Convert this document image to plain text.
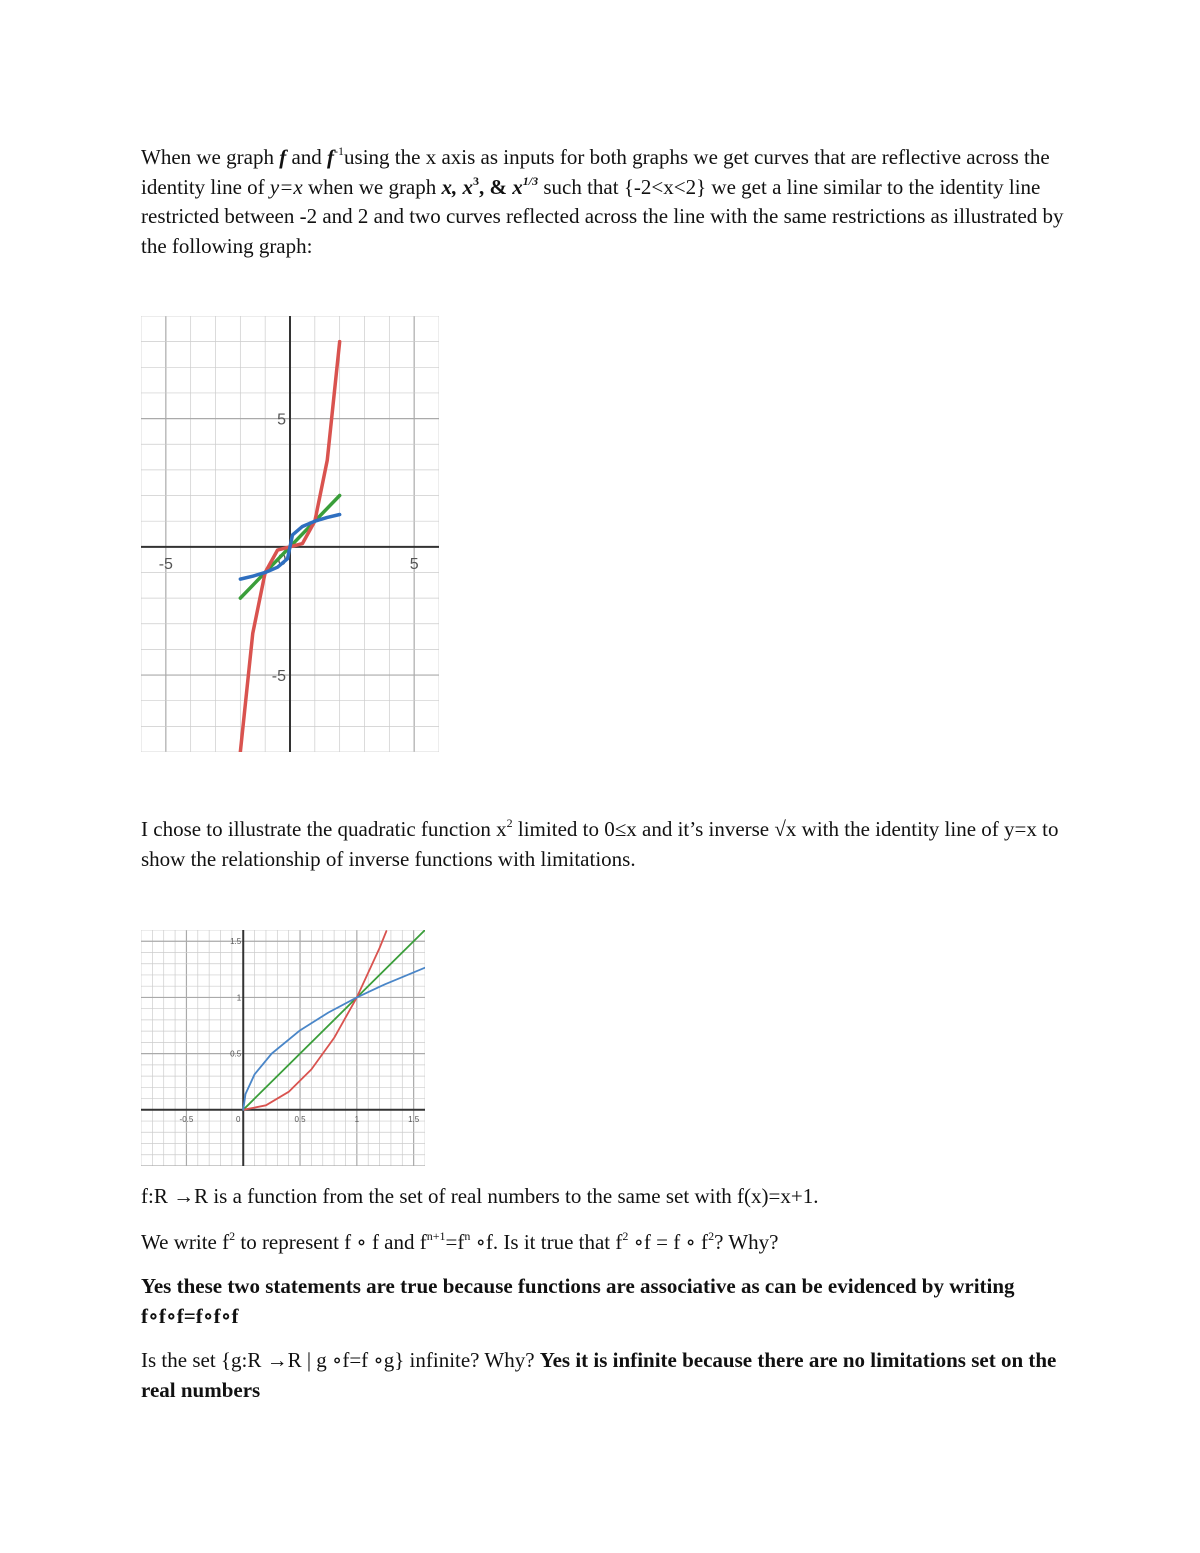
When we graph f and $f^{-1}using$ the x axis as inputs for both graphs we get curves that are reflective across the identity line of y=x when we graph x, $x^3$, & $x^{1/3}$ such that {-2<x<2} we get a line similar to the identity line restricted between -2 and 2 and two curves reflected across the line with the same restrictions as illustrated by the following graph:

-5	5
5
-5
0

I chose to illustrate the quadratic function $x^2$ limited to 0≤x and it’s inverse √x with the identity line of y=x to show the relationship of inverse functions with limitations.

-0.5	0	0.5	1	1.5
1.5
1
0.5

f:R →R is a function from the set of real numbers to the same set with f(x)=x+1.

We write $f^2$ to represent f ∘ f and $f^{n+1}=f^n$ ∘f. Is it true that $f^2$ ∘f = f ∘ $f^2$? Why?

Yes these two statements are true because functions are associative as can be evidenced by writing f∘f∘f=f∘f∘f

Is the set {g:R →R | g ∘f=f ∘g} infinite? Why? Yes it is infinite because there are no limitations set on the real numbers
